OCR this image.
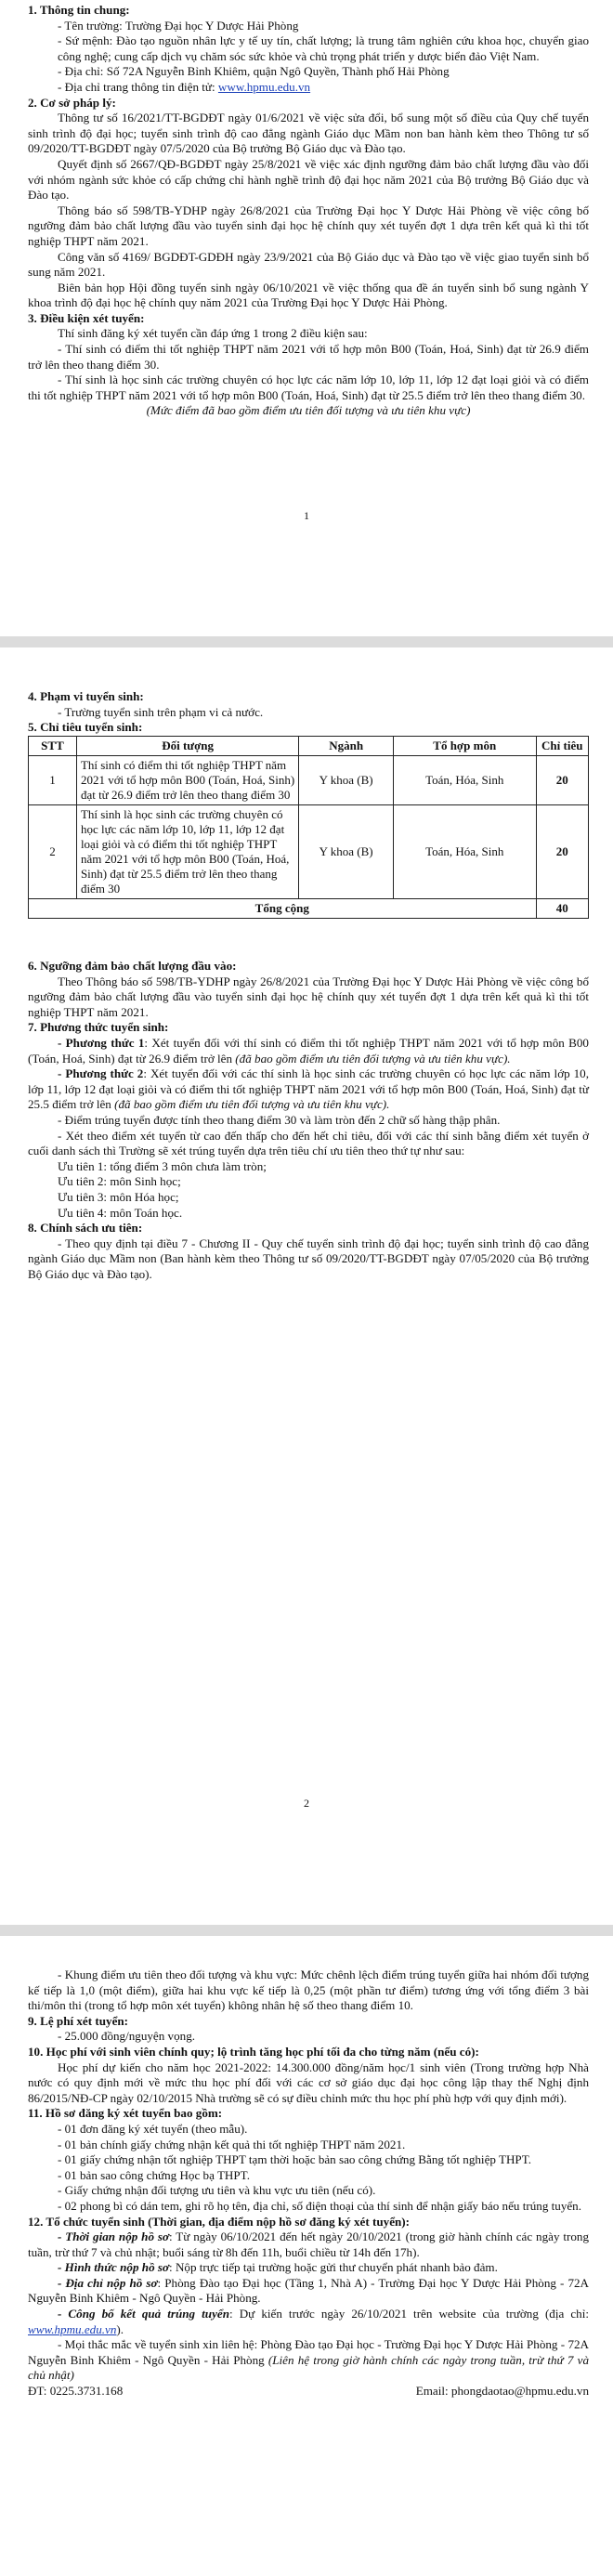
1. Thông tin chung:

- Tên trường: Trường Đại học Y Dược Hải Phòng

- Sứ mệnh: Đào tạo nguồn nhân lực y tế uy tín, chất lượng; là trung tâm nghiên cứu khoa học, chuyển giao công nghệ; cung cấp dịch vụ chăm sóc sức khỏe và chủ trọng phát triển y dược biển đảo Việt Nam.

- Địa chỉ: Số 72A Nguyễn Bỉnh Khiêm, quận Ngô Quyền, Thành phố Hải Phòng

- Địa chỉ trang thông tin điện tử: www.hpmu.edu.vn

2. Cơ sở pháp lý:

Thông tư số 16/2021/TT-BGDĐT ngày 01/6/2021 về việc sửa đổi, bổ sung một số điều của Quy chế tuyển sinh trình độ đại học; tuyển sinh trình độ cao đẳng ngành Giáo dục Mầm non ban hành kèm theo Thông tư số 09/2020/TT-BGDĐT ngày 07/5/2020 của Bộ trưởng Bộ Giáo dục và Đào tạo.

Quyết định số 2667/QĐ-BGDĐT ngày 25/8/2021 về việc xác định ngưỡng đảm bảo chất lượng đầu vào đối với nhóm ngành sức khỏe có cấp chứng chỉ hành nghề trình độ đại học năm 2021 của Bộ trưởng Bộ Giáo dục và Đào tạo.

Thông báo số 598/TB-YDHP ngày 26/8/2021 của Trường Đại học Y Dược Hải Phòng về việc công bố ngưỡng đảm bảo chất lượng đầu vào tuyển sinh đại học hệ chính quy xét tuyển đợt 1 dựa trên kết quả kì thi tốt nghiệp THPT năm 2021.

Công văn số 4169/ BGDĐT-GDĐH ngày 23/9/2021 của Bộ Giáo dục và Đào tạo về việc giao tuyển sinh bổ sung năm 2021.

Biên bản họp Hội đồng tuyển sinh ngày 06/10/2021 về việc thống qua đề án tuyển sinh bổ sung ngành Y khoa trình độ đại học hệ chính quy năm 2021 của Trường Đại học Y Dược Hải Phòng.

3. Điều kiện xét tuyển:

Thí sinh đăng ký xét tuyển cần đáp ứng 1 trong 2 điều kiện sau:

- Thí sinh có điểm thi tốt nghiệp THPT năm 2021 với tổ hợp môn B00 (Toán, Hoá, Sinh) đạt từ 26.9 điểm trở lên theo thang điểm 30.

- Thí sinh là học sinh các trường chuyên có học lực các năm lớp 10, lớp 11, lớp 12 đạt loại giỏi và có điểm thi tốt nghiệp THPT năm 2021 với tổ hợp môn B00 (Toán, Hoá, Sinh) đạt từ 25.5 điểm trở lên theo thang điểm 30.

(Mức điểm đã bao gồm điểm ưu tiên đối tượng và ưu tiên khu vực)

1

4. Phạm vi tuyển sinh:

- Trường tuyển sinh trên phạm vi cả nước.

5. Chỉ tiêu tuyển sinh:

STT	Đối tượng	Ngành	Tổ hợp môn	Chỉ tiêu
1	Thí sinh có điểm thi tốt nghiệp THPT năm 2021 với tổ hợp môn B00 (Toán, Hoá, Sinh) đạt từ 26.9 điểm trở lên theo thang điểm 30	Y khoa (B)	Toán, Hóa, Sinh	20
2	Thí sinh là học sinh các trường chuyên có học lực các năm lớp 10, lớp 11, lớp 12 đạt loại giỏi và có điểm thi tốt nghiệp THPT năm 2021 với tổ hợp môn B00 (Toán, Hoá, Sinh) đạt từ 25.5 điểm trở lên theo thang điểm 30	Y khoa (B)	Toán, Hóa, Sinh	20
Tổng cộng				40

6. Ngưỡng đảm bảo chất lượng đầu vào:

Theo Thông báo số 598/TB-YDHP ngày 26/8/2021 của Trường Đại học Y Dược Hải Phòng về việc công bố ngưỡng đảm bảo chất lượng đầu vào tuyển sinh đại học hệ chính quy xét tuyển đợt 1 dựa trên kết quả kì thi tốt nghiệp THPT năm 2021.

7. Phương thức tuyển sinh:

- Phương thức 1: Xét tuyển đối với thí sinh có điểm thi tốt nghiệp THPT năm 2021 với tổ hợp môn B00 (Toán, Hoá, Sinh) đạt từ 26.9 điểm trở lên (đã bao gồm điểm ưu tiên đối tượng và ưu tiên khu vực).

- Phương thức 2: Xét tuyển đối với các thí sinh là học sinh các trường chuyên có học lực các năm lớp 10, lớp 11, lớp 12 đạt loại giỏi và có điểm thi tốt nghiệp THPT năm 2021 với tổ hợp môn B00 (Toán, Hoá, Sinh) đạt từ 25.5 điểm trở lên (đã bao gồm điểm ưu tiên đối tượng và ưu tiên khu vực).

- Điểm trúng tuyển được tính theo thang điểm 30 và làm tròn đến 2 chữ số hàng thập phân.

- Xét theo điểm xét tuyển từ cao đến thấp cho đến hết chỉ tiêu, đối với các thí sinh bằng điểm xét tuyển ở cuối danh sách thì Trường sẽ xét trúng tuyển dựa trên tiêu chí ưu tiên theo thứ tự như sau:

Ưu tiên 1: tổng điểm 3 môn chưa làm tròn;

Ưu tiên 2: môn Sinh học;

Ưu tiên 3: môn Hóa học;

Ưu tiên 4: môn Toán học.

8. Chính sách ưu tiên:

- Theo quy định tại điều 7 - Chương II - Quy chế tuyển sinh trình độ đại học; tuyển sinh trình độ cao đẳng ngành Giáo dục Mầm non (Ban hành kèm theo Thông tư số 09/2020/TT-BGDĐT ngày 07/05/2020 của Bộ trưởng Bộ Giáo dục và Đào tạo).

2

- Khung điểm ưu tiên theo đối tượng và khu vực: Mức chênh lệch điểm trúng tuyển giữa hai nhóm đối tượng kế tiếp là 1,0 (một điểm), giữa hai khu vực kế tiếp là 0,25 (một phần tư điểm) tương ứng với tổng điểm 3 bài thi/môn thi (trong tổ hợp môn xét tuyển) không nhân hệ số theo thang điểm 10.

9. Lệ phí xét tuyển:

- 25.000 đồng/nguyện vọng.

10. Học phí với sinh viên chính quy; lộ trình tăng học phí tối đa cho từng năm (nếu có):

Học phí dự kiến cho năm học 2021-2022: 14.300.000 đồng/năm học/1 sinh viên (Trong trường hợp Nhà nước có quy định mới về mức thu học phí đối với các cơ sở giáo dục đại học công lập thay thế Nghị định 86/2015/NĐ-CP ngày 02/10/2015 Nhà trường sẽ có sự điều chỉnh mức thu học phí phù hợp với quy định mới).

11. Hồ sơ đăng ký xét tuyển bao gồm:

- 01 đơn đăng ký xét tuyển (theo mẫu).

- 01 bản chính giấy chứng nhận kết quả thi tốt nghiệp THPT năm 2021.

- 01 giấy chứng nhận tốt nghiệp THPT tạm thời hoặc bản sao công chứng Bằng tốt nghiệp THPT.

- 01 bản sao công chứng Học bạ THPT.

- Giấy chứng nhận đối tượng ưu tiên và khu vực ưu tiên (nếu có).

- 02 phong bì có dán tem, ghi rõ họ tên, địa chỉ, số điện thoại của thí sinh để nhận giấy báo nếu trúng tuyển.

12. Tổ chức tuyển sinh (Thời gian, địa điểm nộp hồ sơ đăng ký xét tuyển):

- Thời gian nộp hồ sơ: Từ ngày 06/10/2021 đến hết ngày 20/10/2021 (trong giờ hành chính các ngày trong tuần, trừ thứ 7 và chủ nhật; buổi sáng từ 8h đến 11h, buổi chiều từ 14h đến 17h).

- Hình thức nộp hồ sơ: Nộp trực tiếp tại trường hoặc gửi thư chuyển phát nhanh bảo đảm.

- Địa chỉ nộp hồ sơ: Phòng Đào tạo Đại học (Tầng 1, Nhà A) - Trường Đại học Y Dược Hải Phòng - 72A Nguyễn Bỉnh Khiêm - Ngô Quyền - Hải Phòng.

- Công bố kết quả trúng tuyển: Dự kiến trước ngày 26/10/2021 trên website của trường (địa chỉ: www.hpmu.edu.vn).

- Mọi thắc mắc về tuyển sinh xin liên hệ: Phòng Đào tạo Đại học - Trường Đại học Y Dược Hải Phòng - 72A Nguyễn Bỉnh Khiêm - Ngô Quyền - Hải Phòng (Liên hệ trong giờ hành chính các ngày trong tuần, trừ thứ 7 và chủ nhật)

ĐT: 0225.3731.168	Email: phongdaotao@hpmu.edu.vn
